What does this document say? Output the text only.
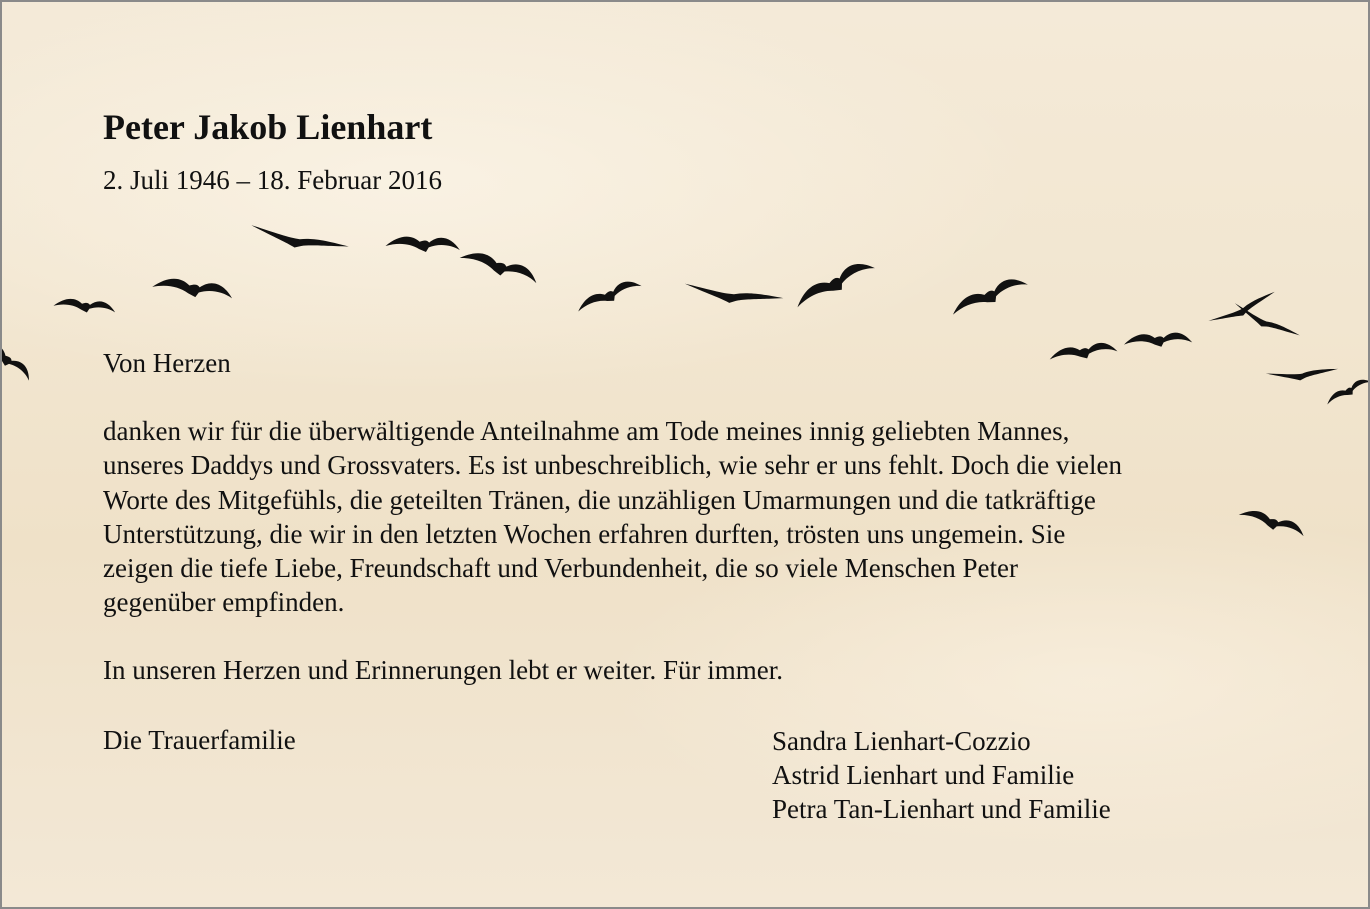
Peter Jakob Lienhart

2. Juli 1946 – 18. Februar 2016

Von Herzen

danken wir für die überwältigende Anteilnahme am Tode meines innig geliebten Mannes,
unseres Daddys und Grossvaters. Es ist unbeschreiblich, wie sehr er uns fehlt. Doch die vielen
Worte des Mitgefühls, die geteilten Tränen, die unzähligen Umarmungen und die tatkräftige
Unterstützung, die wir in den letzten Wochen erfahren durften, trösten uns ungemein. Sie
zeigen die tiefe Liebe, Freundschaft und Verbundenheit, die so viele Menschen Peter
gegenüber empfinden.

In unseren Herzen und Erinnerungen lebt er weiter. Für immer.

Die Trauerfamilie	Sandra Lienhart-Cozzio
Astrid Lienhart und Familie
Petra Tan-Lienhart und Familie
